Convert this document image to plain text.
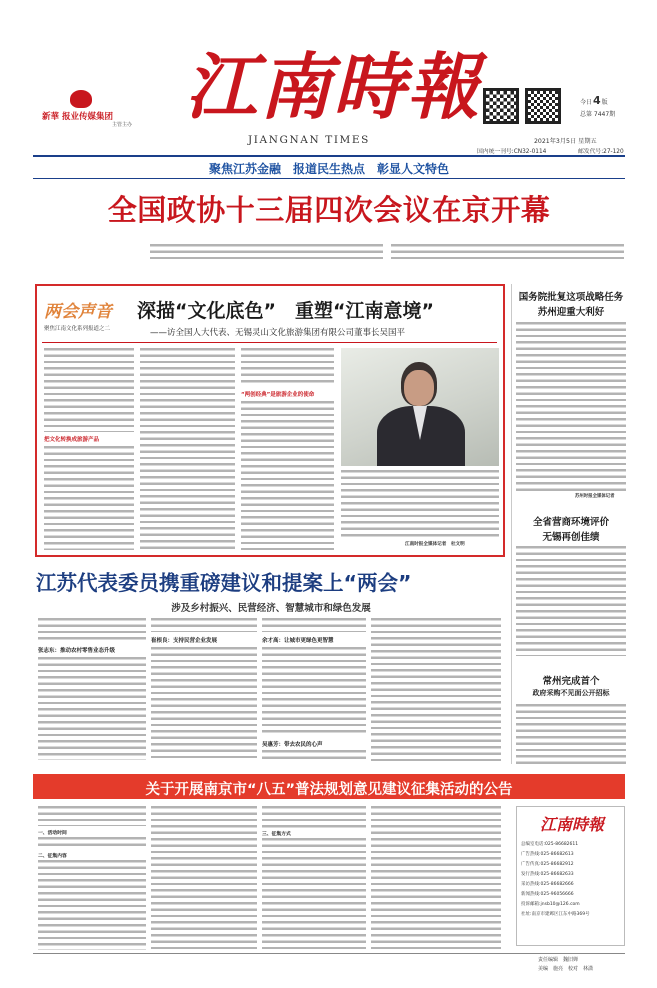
新華 报业传媒集团
主管主办 江南時報
JIANGNAN TIMES
今日4版
总第 7447期
2021年3月5日 星期五
国内统一刊号:CN32-0114	邮发代号:27-120
聚焦江苏金融　报道民生热点　彰显人文特色
全国政协十三届四次会议在京开幕
两会声音
聚焦江南文化系列报道之二
深描“文化底色”　重塑“江南意境”
——访全国人大代表、无锡灵山文化旅游集团有限公司董事长吴国平
把文化转换成旅游产品
“两创经典”是旅游企业的使命
江南时报全媒体记者　杜文明
江苏代表委员携重磅建议和提案上“两会”
涉及乡村振兴、民营经济、智慧城市和绿色发展
张志东：推动农村零售业态升级
崔根良：支持民营企业发展	余才高：让城市更绿色更智慧
吴惠芳：带去农民的心声
国务院批复这项战略任务
苏州迎重大利好
苏州时报全媒体记者
全省营商环境评价
无锡再创佳绩
常州完成首个
政府采购不见面公开招标
关于开展南京市“八五”普法规划意见建议征集活动的公告
一、活动时间
二、征集内容
三、征集方式
江南時報
总编室电话:025-86682611
广告热线:025-86682613
广告传真:025-86682912
发行热线:025-86682633
采访热线:025-86682666
新闻热线:025-96056666
投诉邮箱:jnsb10@126.com
社址:南京市建邺区江东中路369号
责任编辑　魏旧婵
美编　施亮　校对　林潇
